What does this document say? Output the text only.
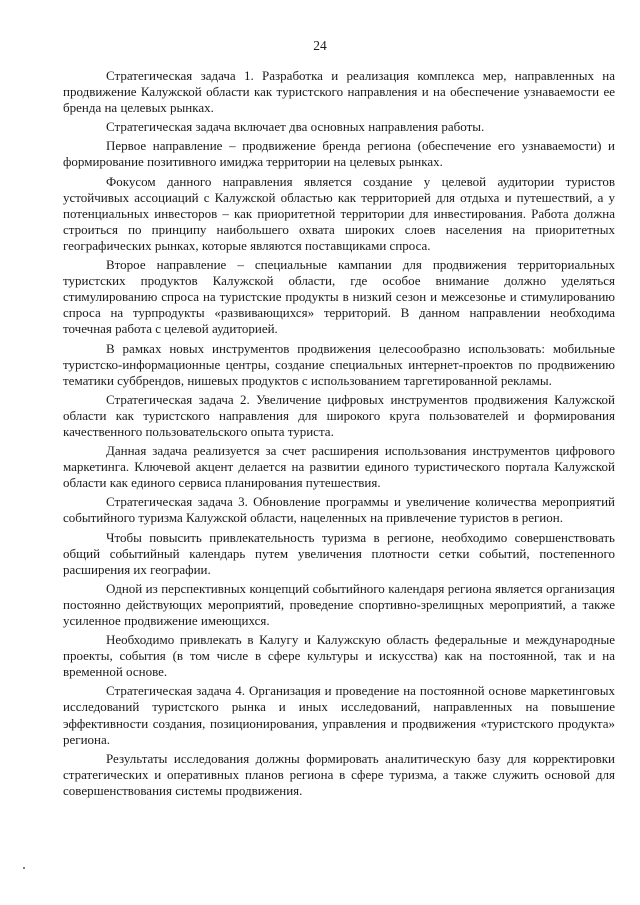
24

Стратегическая задача 1. Разработка и реализация комплекса мер, направленных на продвижение Калужской области как туристского направления и на обеспечение узнаваемости ее бренда на целевых рынках.

Стратегическая задача включает два основных направления работы.

Первое направление – продвижение бренда региона (обеспечение его узнаваемости) и формирование позитивного имиджа территории на целевых рынках.

Фокусом данного направления является создание у целевой аудитории туристов устойчивых ассоциаций с Калужской областью как территорией для отдыха и путешествий, а у потенциальных инвесторов – как приоритетной территории для инвестирования. Работа должна строиться по принципу наибольшего охвата широких слоев населения на приоритетных географических рынках, которые являются поставщиками спроса.

Второе направление – специальные кампании для продвижения территориальных туристских продуктов Калужской области, где особое внимание должно уделяться стимулированию спроса на туристские продукты в низкий сезон и межсезонье и стимулированию спроса на турпродукты «развивающихся» территорий. В данном направлении необходима точечная работа с целевой аудиторией.

В рамках новых инструментов продвижения целесообразно использовать: мобильные туристско-информационные центры, создание специальных интернет-проектов по продвижению тематики суббрендов, нишевых продуктов с использованием таргетированной рекламы.

Стратегическая задача 2. Увеличение цифровых инструментов продвижения Калужской области как туристского направления для широкого круга пользователей и формирования качественного пользовательского опыта туриста.

Данная задача реализуется за счет расширения использования инструментов цифрового маркетинга. Ключевой акцент делается на развитии единого туристического портала Калужской области как единого сервиса планирования путешествия.

Стратегическая задача 3. Обновление программы и увеличение количества мероприятий событийного туризма Калужской области, нацеленных на привлечение туристов в регион.

Чтобы повысить привлекательность туризма в регионе, необходимо совершенствовать общий событийный календарь путем увеличения плотности сетки событий, постепенного расширения их географии.

Одной из перспективных концепций событийного календаря региона является организация постоянно действующих мероприятий, проведение спортивно-зрелищных мероприятий, а также усиленное продвижение имеющихся.

Необходимо привлекать в Калугу и Калужскую область федеральные и международные проекты, события (в том числе в сфере культуры и искусства) как на постоянной, так и на временной основе.

Стратегическая задача 4. Организация и проведение на постоянной основе маркетинговых исследований туристского рынка и иных исследований, направленных на повышение эффективности создания, позиционирования, управления и продвижения «туристского продукта» региона.

Результаты исследования должны формировать аналитическую базу для корректировки стратегических и оперативных планов региона в сфере туризма, а также служить основой для совершенствования системы продвижения.
